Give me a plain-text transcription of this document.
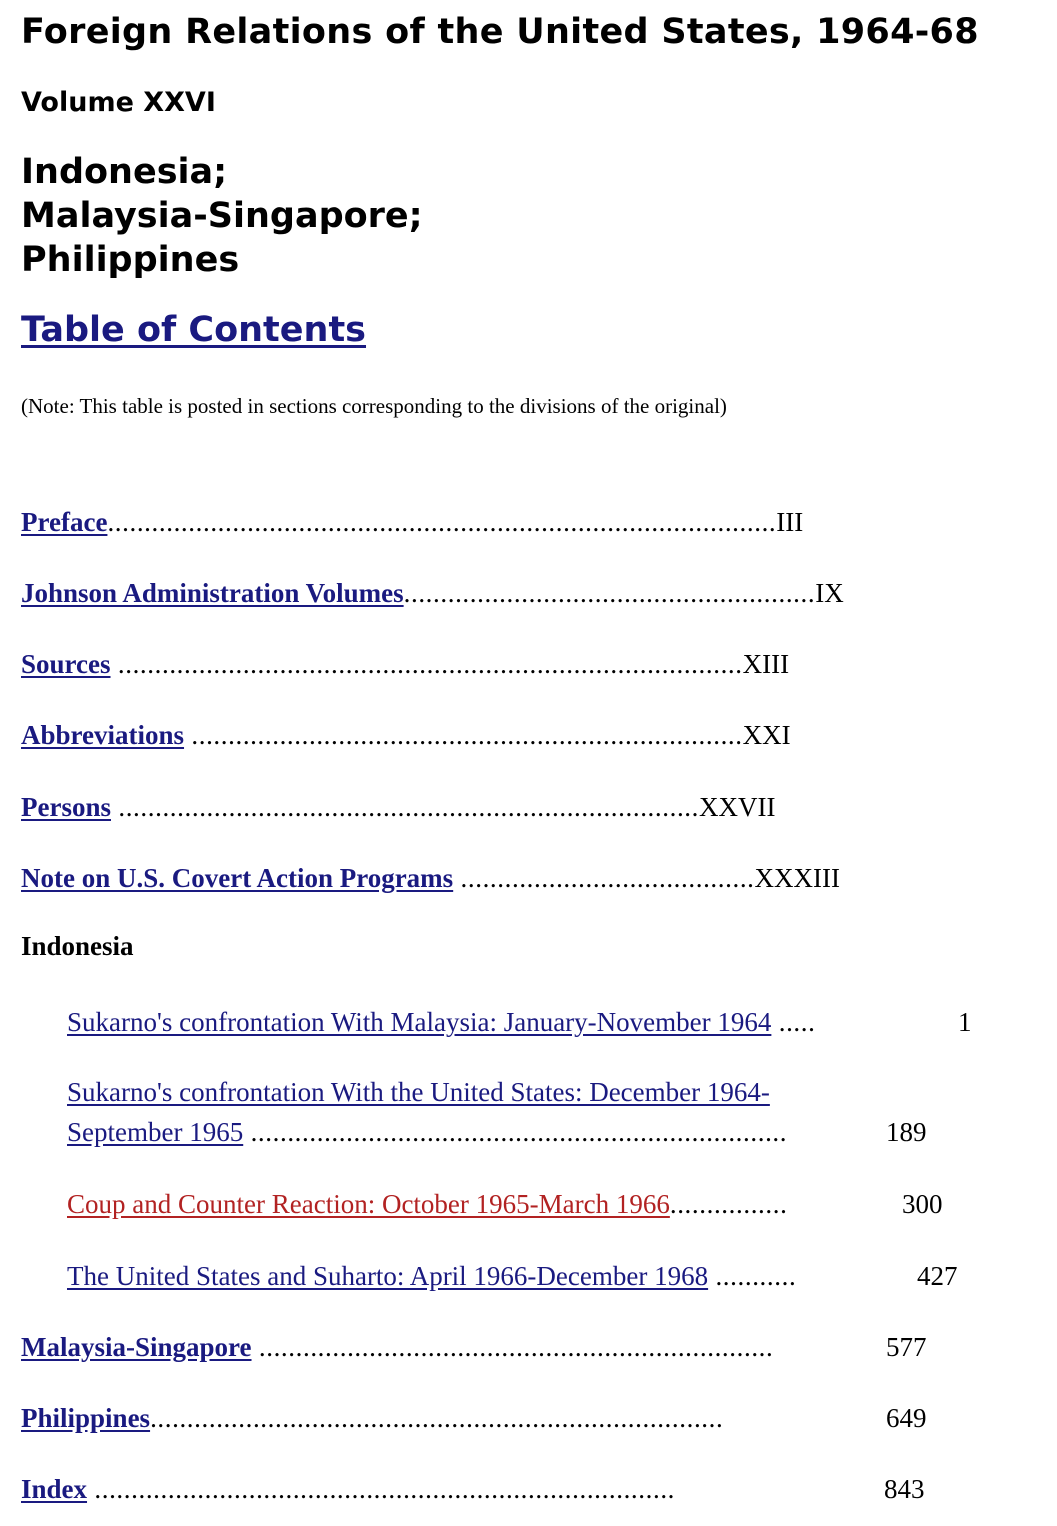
Foreign Relations of the United States, 1964-68
Volume XXVI
Indonesia;
Malaysia-Singapore;
Philippines
Table of Contents
(Note: This table is posted in sections corresponding to the divisions of the original)
Preface...........................................................................................III
Johnson Administration Volumes........................................................IX
Sources .....................................................................................XIII
Abbreviations ...........................................................................XXI
Persons ...............................................................................XXVII
Note on U.S. Covert Action Programs ........................................XXXIII
Indonesia
Sukarno's confrontation With Malaysia: January-November 1964 .....	1
Sukarno's confrontation With the United States: December 1964-
September 1965 .........................................................................	189
Coup and Counter Reaction: October 1965-March 1966................	300
The United States and Suharto: April 1966-December 1968 ...........	427
Malaysia-Singapore ......................................................................	577
Philippines..............................................................................	649
Index ...............................................................................	843
